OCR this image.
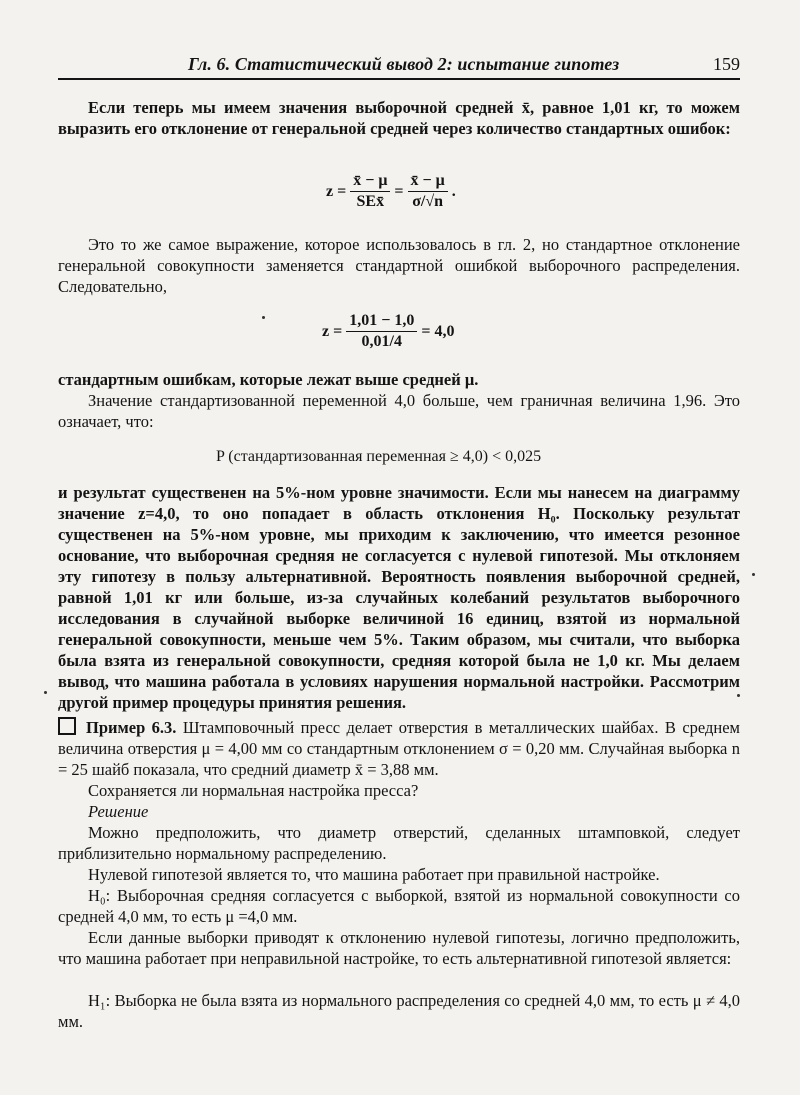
Гл. 6. Статистический вывод 2: испытание гипотез	159

Если теперь мы имеем значения выборочной средней x̄, равное 1,01 кг, то можем выразить его отклонение от генеральной средней через количество стандартных ошибок:

$z = \frac{x̄ - \mu}{\text{SEx̄}} = \frac{x̄ - \mu}{\sigma/√n}$ .

Это то же самое выражение, которое использовалось в гл. 2, но стандартное отклонение генеральной совокупности заменяется стандартной ошибкой выборочного распределения. Следовательно,

$z = \frac{1,01 - 1,0}{0,01/4} = 4,0$

стандартным ошибкам, которые лежат выше средней μ.

Значение стандартизованной переменной 4,0 больше, чем граничная величина 1,96. Это означает, что:

P (стандартизованная переменная ≥ 4,0) < 0,025

и результат существенен на 5%-ном уровне значимости. Если мы нанесем на диаграмму значение z=4,0, то оно попадает в область отклонения H₀. Поскольку результат существенен на 5%-ном уровне, мы приходим к заключению, что имеется резонное основание, что выборочная средняя не согласуется с нулевой гипотезой. Мы отклоняем эту гипотезу в пользу альтернативной. Вероятность появления выборочной средней, равной 1,01 кг или больше, из-за случайных колебаний результатов выборочного исследования в случайной выборке величиной 16 единиц, взятой из нормальной генеральной совокупности, меньше чем 5%. Таким образом, мы считали, что выборка была взята из генеральной совокупности, средняя которой была не 1,0 кг. Мы делаем вывод, что машина работала в условиях нарушения нормальной настройки. Рассмотрим другой пример процедуры принятия решения.

Пример 6.3. Штамповочный пресс делает отверстия в металлических шайбах. В среднем величина отверстия μ = 4,00 мм со стандартным отклонением σ = 0,20 мм. Случайная выборка n = 25 шайб показала, что средний диаметр x̄ = 3,88 мм.

Сохраняется ли нормальная настройка пресса?

Решение

Можно предположить, что диаметр отверстий, сделанных штамповкой, следует приблизительно нормальному распределению.

Нулевой гипотезой является то, что машина работает при правильной настройке.

H₀: Выборочная средняя согласуется с выборкой, взятой из нормальной совокупности со средней 4,0 мм, то есть μ =4,0 мм.

Если данные выборки приводят к отклонению нулевой гипотезы, логично предположить, что машина работает при неправильной настройке, то есть альтернативной гипотезой является:

H₁: Выборка не была взята из нормального распределения со средней 4,0 мм, то есть μ ≠ 4,0 мм.
